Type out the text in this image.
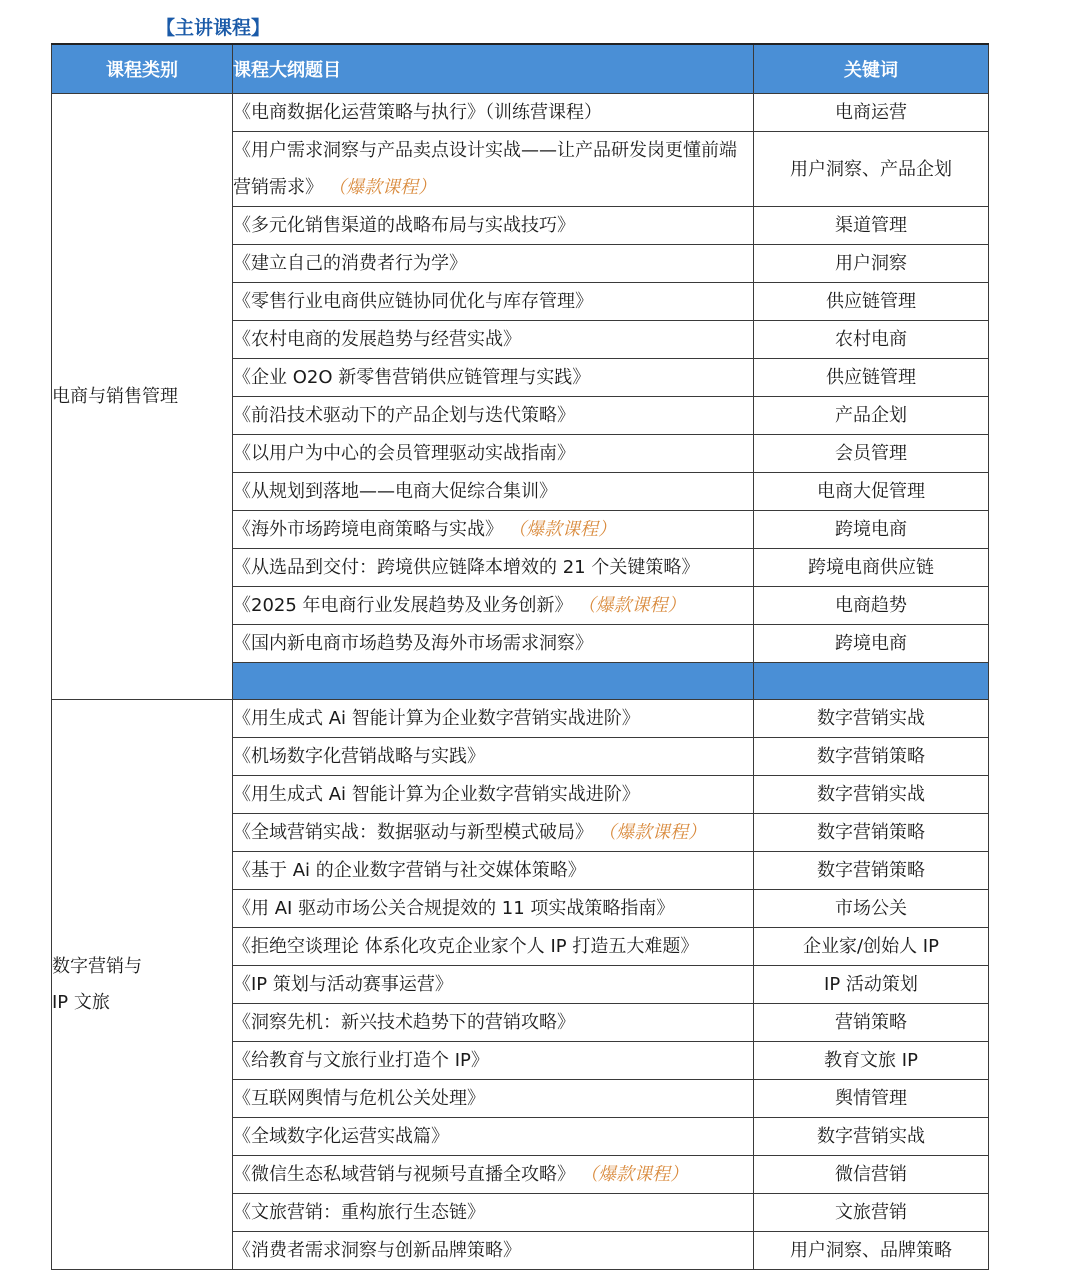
【主讲课程】
课程类别	课程大纲题目	关键词	
电商与销售管理	《电商数据化运营策略与执行》（训练营课程）	电商运营	
	《用户需求洞察与产品卖点设计实战——让产品研发岗更懂前端营销需求》 （爆款课程）	用户洞察、产品企划	
	《多元化销售渠道的战略布局与实战技巧》	渠道管理	
	《建立自己的消费者行为学》	用户洞察	
	《零售行业电商供应链协同优化与库存管理》	供应链管理	
	《农村电商的发展趋势与经营实战》	农村电商	
	《企业 O2O 新零售营销供应链管理与实践》	供应链管理	
	《前沿技术驱动下的产品企划与迭代策略》	产品企划	
	《以用户为中心的会员管理驱动实战指南》	会员管理	
	《从规划到落地——电商大促综合集训》	电商大促管理	
	《海外市场跨境电商策略与实战》 （爆款课程）	跨境电商	
	《从选品到交付：跨境供应链降本增效的 21 个关键策略》	跨境电商供应链	
	《2025 年电商行业发展趋势及业务创新》 （爆款课程）	电商趋势	
	《国内新电商市场趋势及海外市场需求洞察》	跨境电商	

数字营销与
IP 文旅	《用生成式 Ai 智能计算为企业数字营销实战进阶》	数字营销实战	
	《机场数字化营销战略与实践》	数字营销策略	
	《用生成式 Ai 智能计算为企业数字营销实战进阶》	数字营销实战	
	《全域营销实战：数据驱动与新型模式破局》 （爆款课程）	数字营销策略	
	《基于 Ai 的企业数字营销与社交媒体策略》	数字营销策略	
	《用 AI 驱动市场公关合规提效的 11 项实战策略指南》	市场公关	
	《拒绝空谈理论 体系化攻克企业家个人 IP 打造五大难题》	企业家/创始人 IP	
	《IP 策划与活动赛事运营》	IP 活动策划	
	《洞察先机：新兴技术趋势下的营销攻略》	营销策略	
	《给教育与文旅行业打造个 IP》	教育文旅 IP	
	《互联网舆情与危机公关处理》	舆情管理	
	《全域数字化运营实战篇》	数字营销实战	
	《微信生态私域营销与视频号直播全攻略》 （爆款课程）	微信营销	
	《文旅营销：重构旅行生态链》	文旅营销	
	《消费者需求洞察与创新品牌策略》	用户洞察、品牌策略	
